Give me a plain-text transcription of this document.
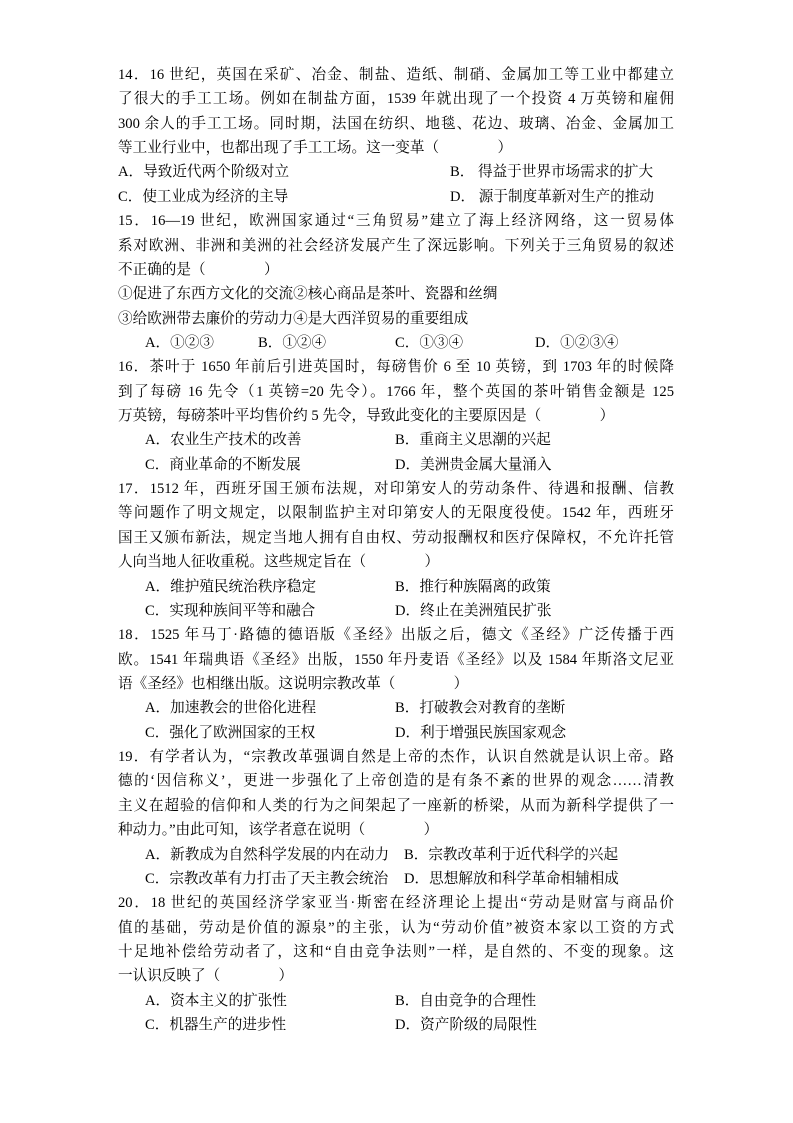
14．16 世纪，英国在采矿、冶金、制盐、造纸、制硝、金属加工等工业中都建立
了很大的手工工场。例如在制盐方面，1539 年就出现了一个投资 4 万英镑和雇佣
300 余人的手工工场。同时期，法国在纺织、地毯、花边、玻璃、冶金、金属加工
等工业行业中，也都出现了手工工场。这一变革（　　　　）
A．导致近代两个阶级对立	B． 得益于世界市场需求的扩大
C．使工业成为经济的主导	D． 源于制度革新对生产的推动
15．16—19 世纪，欧洲国家通过“三角贸易”建立了海上经济网络，这一贸易体
系对欧洲、非洲和美洲的社会经济发展产生了深远影响。下列关于三角贸易的叙述
不正确的是（　　　　）
①促进了东西方文化的交流②核心商品是茶叶、瓷器和丝绸
③给欧洲带去廉价的劳动力④是大西洋贸易的重要组成
A．①②③	B．①②④	C．①③④	D．①②③④
16．茶叶于 1650 年前后引进英国时，每磅售价 6 至 10 英镑，到 1703 年的时候降
到了每磅 16 先令（1 英镑=20 先令）。1766 年，整个英国的茶叶销售金额是 125
万英镑，每磅茶叶平均售价约 5 先令，导致此变化的主要原因是（　　　　）
A．农业生产技术的改善	B．重商主义思潮的兴起
C．商业革命的不断发展	D．美洲贵金属大量涌入
17．1512 年，西班牙国王颁布法规，对印第安人的劳动条件、待遇和报酬、信教
等问题作了明文规定，以限制监护主对印第安人的无限度役使。1542 年，西班牙
国王又颁布新法，规定当地人拥有自由权、劳动报酬权和医疗保障权，不允许托管
人向当地人征收重税。这些规定旨在（　　　　）
A．维护殖民统治秩序稳定	B．推行种族隔离的政策
C．实现种族间平等和融合	D．终止在美洲殖民扩张
18．1525 年马丁·路德的德语版《圣经》出版之后，德文《圣经》广泛传播于西
欧。1541 年瑞典语《圣经》出版，1550 年丹麦语《圣经》以及 1584 年斯洛文尼亚
语《圣经》也相继出版。这说明宗教改革（　　　　）
A．加速教会的世俗化进程	B．打破教会对教育的垄断
C．强化了欧洲国家的王权	D．利于增强民族国家观念
19．有学者认为，“宗教改革强调自然是上帝的杰作，认识自然就是认识上帝。路
德的‘因信称义’，更进一步强化了上帝创造的是有条不紊的世界的观念……清教
主义在超验的信仰和人类的行为之间架起了一座新的桥梁，从而为新科学提供了一
种动力。”由此可知，该学者意在说明（　　　　）
A．新教成为自然科学发展的内在动力 B．宗教改革利于近代科学的兴起
C．宗教改革有力打击了天主教会统治 D．思想解放和科学革命相辅相成
20．18 世纪的英国经济学家亚当·斯密在经济理论上提出“劳动是财富与商品价
值的基础，劳动是价值的源泉”的主张，认为“劳动价值”被资本家以工资的方式
十足地补偿给劳动者了，这和“自由竞争法则”一样，是自然的、不变的现象。这
一认识反映了（　　　　）
A．资本主义的扩张性	B．自由竞争的合理性
C．机器生产的进步性	D．资产阶级的局限性
